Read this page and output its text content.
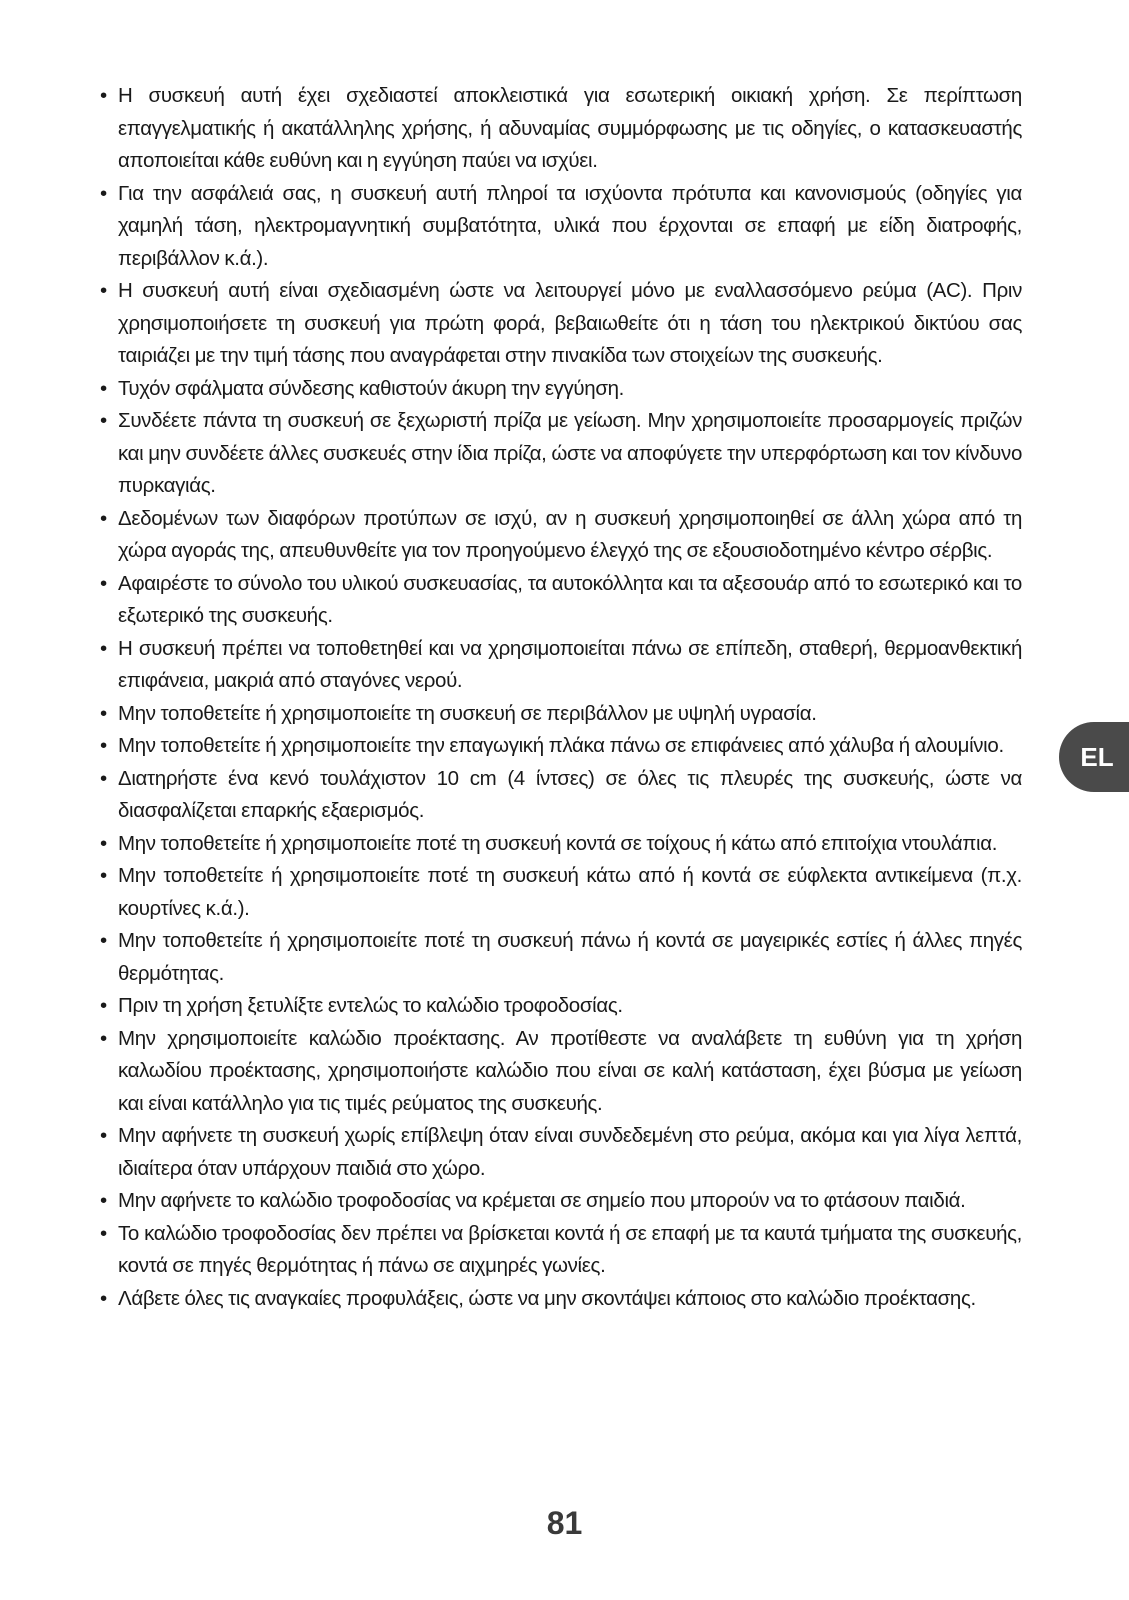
• Η συσκευή αυτή έχει σχεδιαστεί αποκλειστικά για εσωτερική οικιακή χρήση. Σε περίπτωση επαγγελματικής ή ακατάλληλης χρήσης, ή αδυναμίας συμμόρφωσης με τις οδηγίες, ο κατασκευαστής αποποιείται κάθε ευθύνη και η εγγύηση παύει να ισχύει.
• Για την ασφάλειά σας, η συσκευή αυτή πληροί τα ισχύοντα πρότυπα και κανονισμούς (οδηγίες για χαμηλή τάση, ηλεκτρομαγνητική συμβατότητα, υλικά που έρχονται σε επαφή με είδη διατροφής, περιβάλλον κ.ά.).
• Η συσκευή αυτή είναι σχεδιασμένη ώστε να λειτουργεί μόνο με εναλλασσόμενο ρεύμα (AC). Πριν χρησιμοποιήσετε τη συσκευή για πρώτη φορά, βεβαιωθείτε ότι η τάση του ηλεκτρικού δικτύου σας ταιριάζει με την τιμή τάσης που αναγράφεται στην πινακίδα των στοιχείων της συσκευής.
• Τυχόν σφάλματα σύνδεσης καθιστούν άκυρη την εγγύηση.
• Συνδέετε πάντα τη συσκευή σε ξεχωριστή πρίζα με γείωση. Μην χρησιμοποιείτε προσαρμογείς πριζών και μην συνδέετε άλλες συσκευές στην ίδια πρίζα, ώστε να αποφύγετε την υπερφόρτωση και τον κίνδυνο πυρκαγιάς.
• Δεδομένων των διαφόρων προτύπων σε ισχύ, αν η συσκευή χρησιμοποιηθεί σε άλλη χώρα από τη χώρα αγοράς της, απευθυνθείτε για τον προηγούμενο έλεγχό της σε εξουσιοδοτημένο κέντρο σέρβις.
• Αφαιρέστε το σύνολο του υλικού συσκευασίας, τα αυτοκόλλητα και τα αξεσουάρ από το εσωτερικό και το εξωτερικό της συσκευής.
• Η συσκευή πρέπει να τοποθετηθεί και να χρησιμοποιείται πάνω σε επίπεδη, σταθερή, θερμοανθεκτική επιφάνεια, μακριά από σταγόνες νερού.
• Μην τοποθετείτε ή χρησιμοποιείτε τη συσκευή σε περιβάλλον με υψηλή υγρασία.
• Μην τοποθετείτε ή χρησιμοποιείτε την επαγωγική πλάκα πάνω σε επιφάνειες από χάλυβα ή αλουμίνιο.
• Διατηρήστε ένα κενό τουλάχιστον 10 cm (4 ίντσες) σε όλες τις πλευρές της συσκευής, ώστε να διασφαλίζεται επαρκής εξαερισμός.
• Μην τοποθετείτε ή χρησιμοποιείτε ποτέ τη συσκευή κοντά σε τοίχους ή κάτω από επιτοίχια ντουλάπια.
• Μην τοποθετείτε ή χρησιμοποιείτε ποτέ τη συσκευή κάτω από ή κοντά σε εύφλεκτα αντικείμενα (π.χ. κουρτίνες κ.ά.).
• Μην τοποθετείτε ή χρησιμοποιείτε ποτέ τη συσκευή πάνω ή κοντά σε μαγειρικές εστίες ή άλλες πηγές θερμότητας.
• Πριν τη χρήση ξετυλίξτε εντελώς το καλώδιο τροφοδοσίας.
• Μην χρησιμοποιείτε καλώδιο προέκτασης. Αν προτίθεστε να αναλάβετε τη ευθύνη για τη χρήση καλωδίου προέκτασης, χρησιμοποιήστε καλώδιο που είναι σε καλή κατάσταση, έχει βύσμα με γείωση και είναι κατάλληλο για τις τιμές ρεύματος της συσκευής.
• Μην αφήνετε τη συσκευή χωρίς επίβλεψη όταν είναι συνδεδεμένη στο ρεύμα, ακόμα και για λίγα λεπτά, ιδιαίτερα όταν υπάρχουν παιδιά στο χώρο.
• Μην αφήνετε το καλώδιο τροφοδοσίας να κρέμεται σε σημείο που μπορούν να το φτάσουν παιδιά.
• Το καλώδιο τροφοδοσίας δεν πρέπει να βρίσκεται κοντά ή σε επαφή με τα καυτά τμήματα της συσκευής, κοντά σε πηγές θερμότητας ή πάνω σε αιχμηρές γωνίες.
• Λάβετε όλες τις αναγκαίες προφυλάξεις, ώστε να μην σκοντάψει κάποιος στο καλώδιο προέκτασης.
EL
81
